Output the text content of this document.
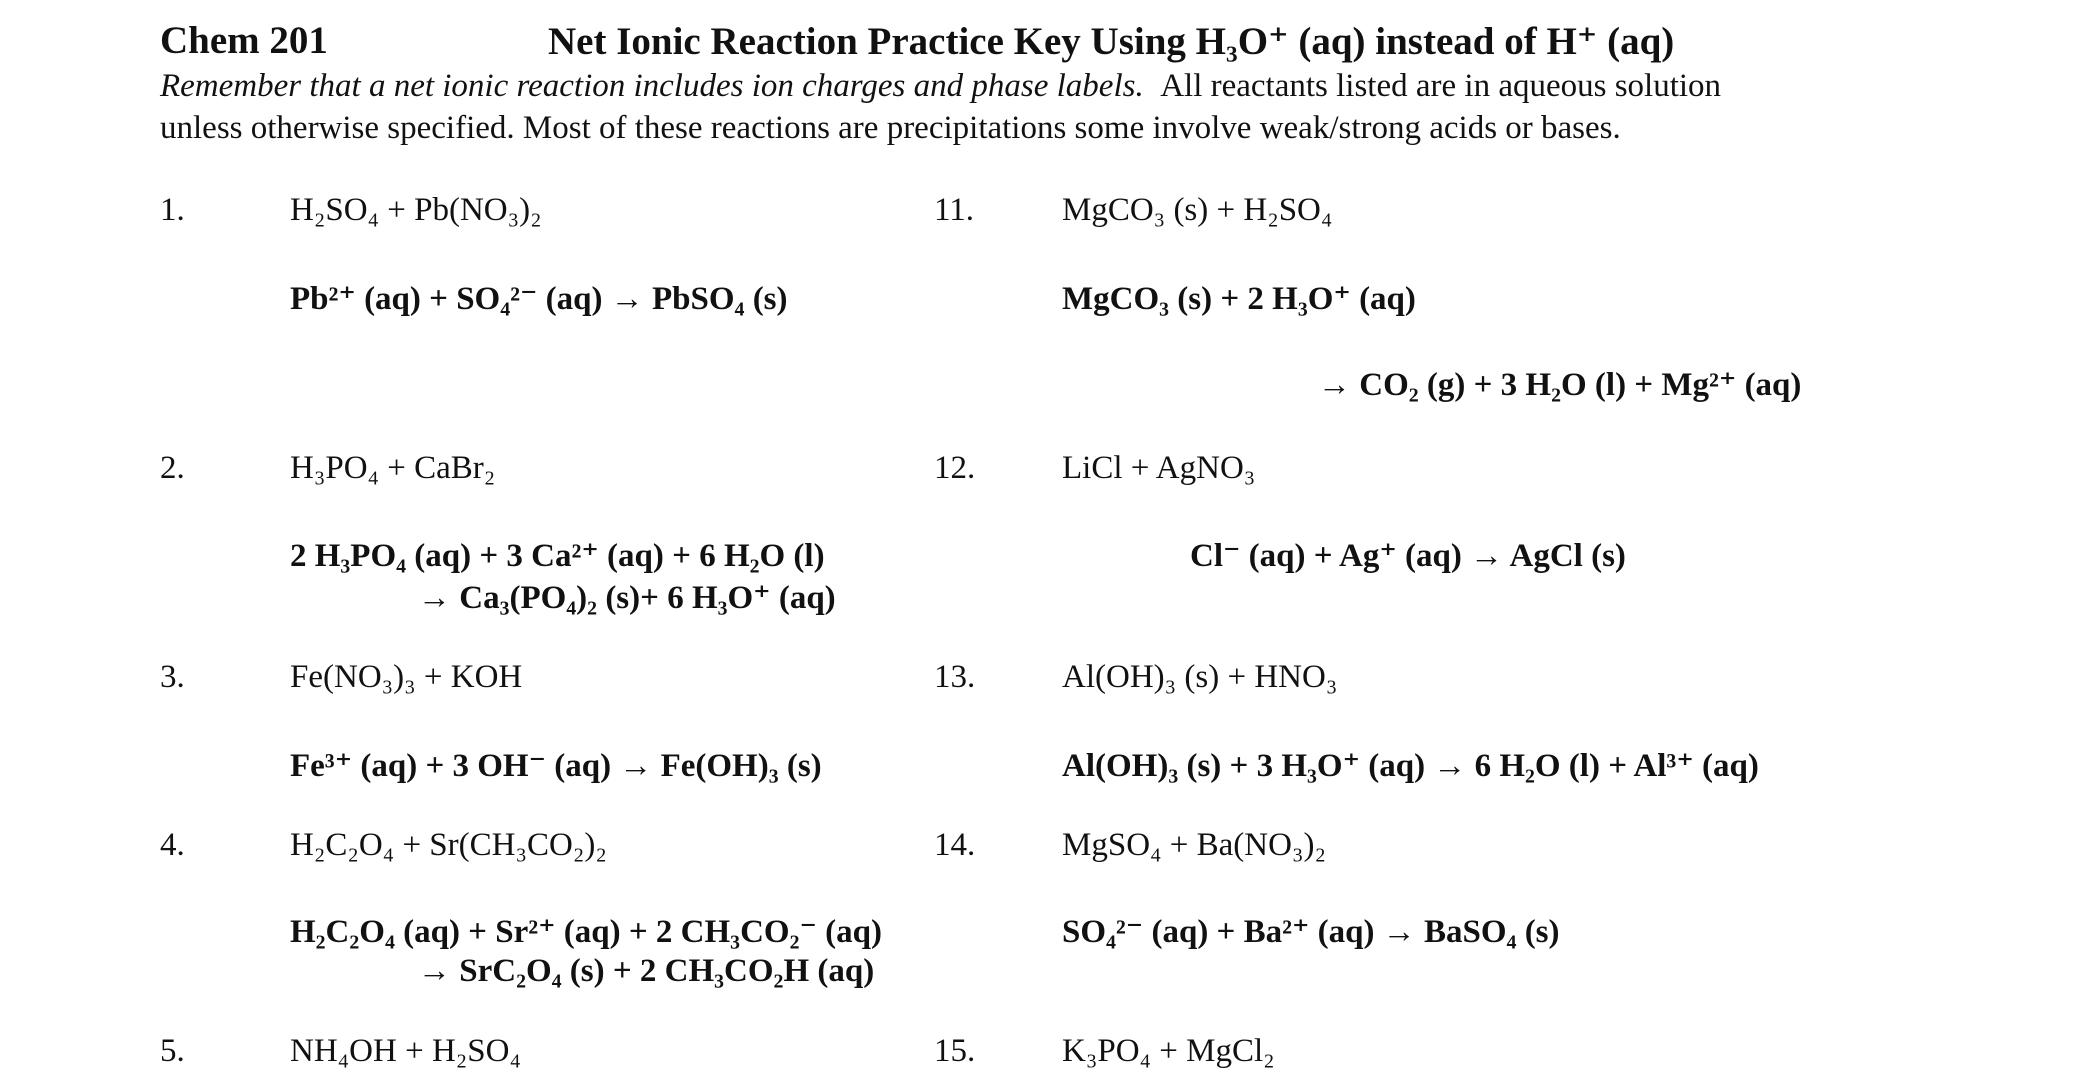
Chem 201	Net Ionic Reaction Practice Key Using H₃O⁺ (aq) instead of H⁺ (aq)
Remember that a net ionic reaction includes ion charges and phase labels. All reactants listed are in aqueous solution
unless otherwise specified. Most of these reactions are precipitations some involve weak/strong acids or bases.
1.	H₂SO₄ + Pb(NO₃)₂
Pb²⁺ (aq) + SO₄²⁻ (aq) → PbSO₄ (s)
2.	H₃PO₄ + CaBr₂
2 H₃PO₄ (aq) + 3 Ca²⁺ (aq) + 6 H₂O (l)
→ Ca₃(PO₄)₂ (s)+ 6 H₃O⁺ (aq)
3.	Fe(NO₃)₃ + KOH
Fe³⁺ (aq) + 3 OH⁻ (aq) → Fe(OH)₃ (s)
4.	H₂C₂O₄ + Sr(CH₃CO₂)₂
H₂C₂O₄ (aq) + Sr²⁺ (aq) + 2 CH₃CO₂⁻ (aq)
→ SrC₂O₄ (s) + 2 CH₃CO₂H (aq)
5.	NH₄OH + H₂SO₄
11.	MgCO₃ (s) + H₂SO₄
MgCO₃ (s) + 2 H₃O⁺ (aq)
→ CO₂ (g) + 3 H₂O (l) + Mg²⁺ (aq)
12.	LiCl + AgNO₃
Cl⁻ (aq) + Ag⁺ (aq) → AgCl (s)
13.	Al(OH)₃ (s) + HNO₃
Al(OH)₃ (s) + 3 H₃O⁺ (aq) → 6 H₂O (l) + Al³⁺ (aq)
14.	MgSO₄ + Ba(NO₃)₂
SO₄²⁻ (aq) + Ba²⁺ (aq) → BaSO₄ (s)
15.	K₃PO₄ + MgCl₂
